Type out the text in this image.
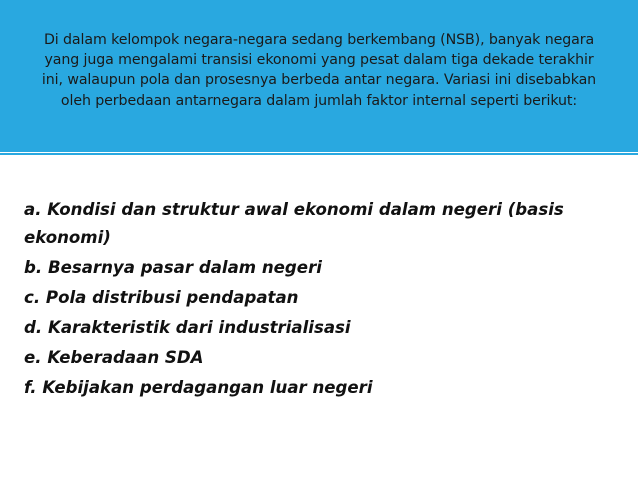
Di dalam kelompok negara-negara sedang berkembang (NSB), banyak negara yang juga mengalami transisi ekonomi yang pesat dalam tiga dekade terakhir ini, walaupun pola dan prosesnya berbeda antar negara. Variasi ini disebabkan oleh perbedaan antarnegara dalam jumlah faktor internal seperti berikut:
a. Kondisi dan struktur awal ekonomi dalam negeri (basis ekonomi)
b. Besarnya pasar dalam negeri
c. Pola distribusi pendapatan
d. Karakteristik dari industrialisasi
e. Keberadaan SDA
f. Kebijakan perdagangan luar negeri
